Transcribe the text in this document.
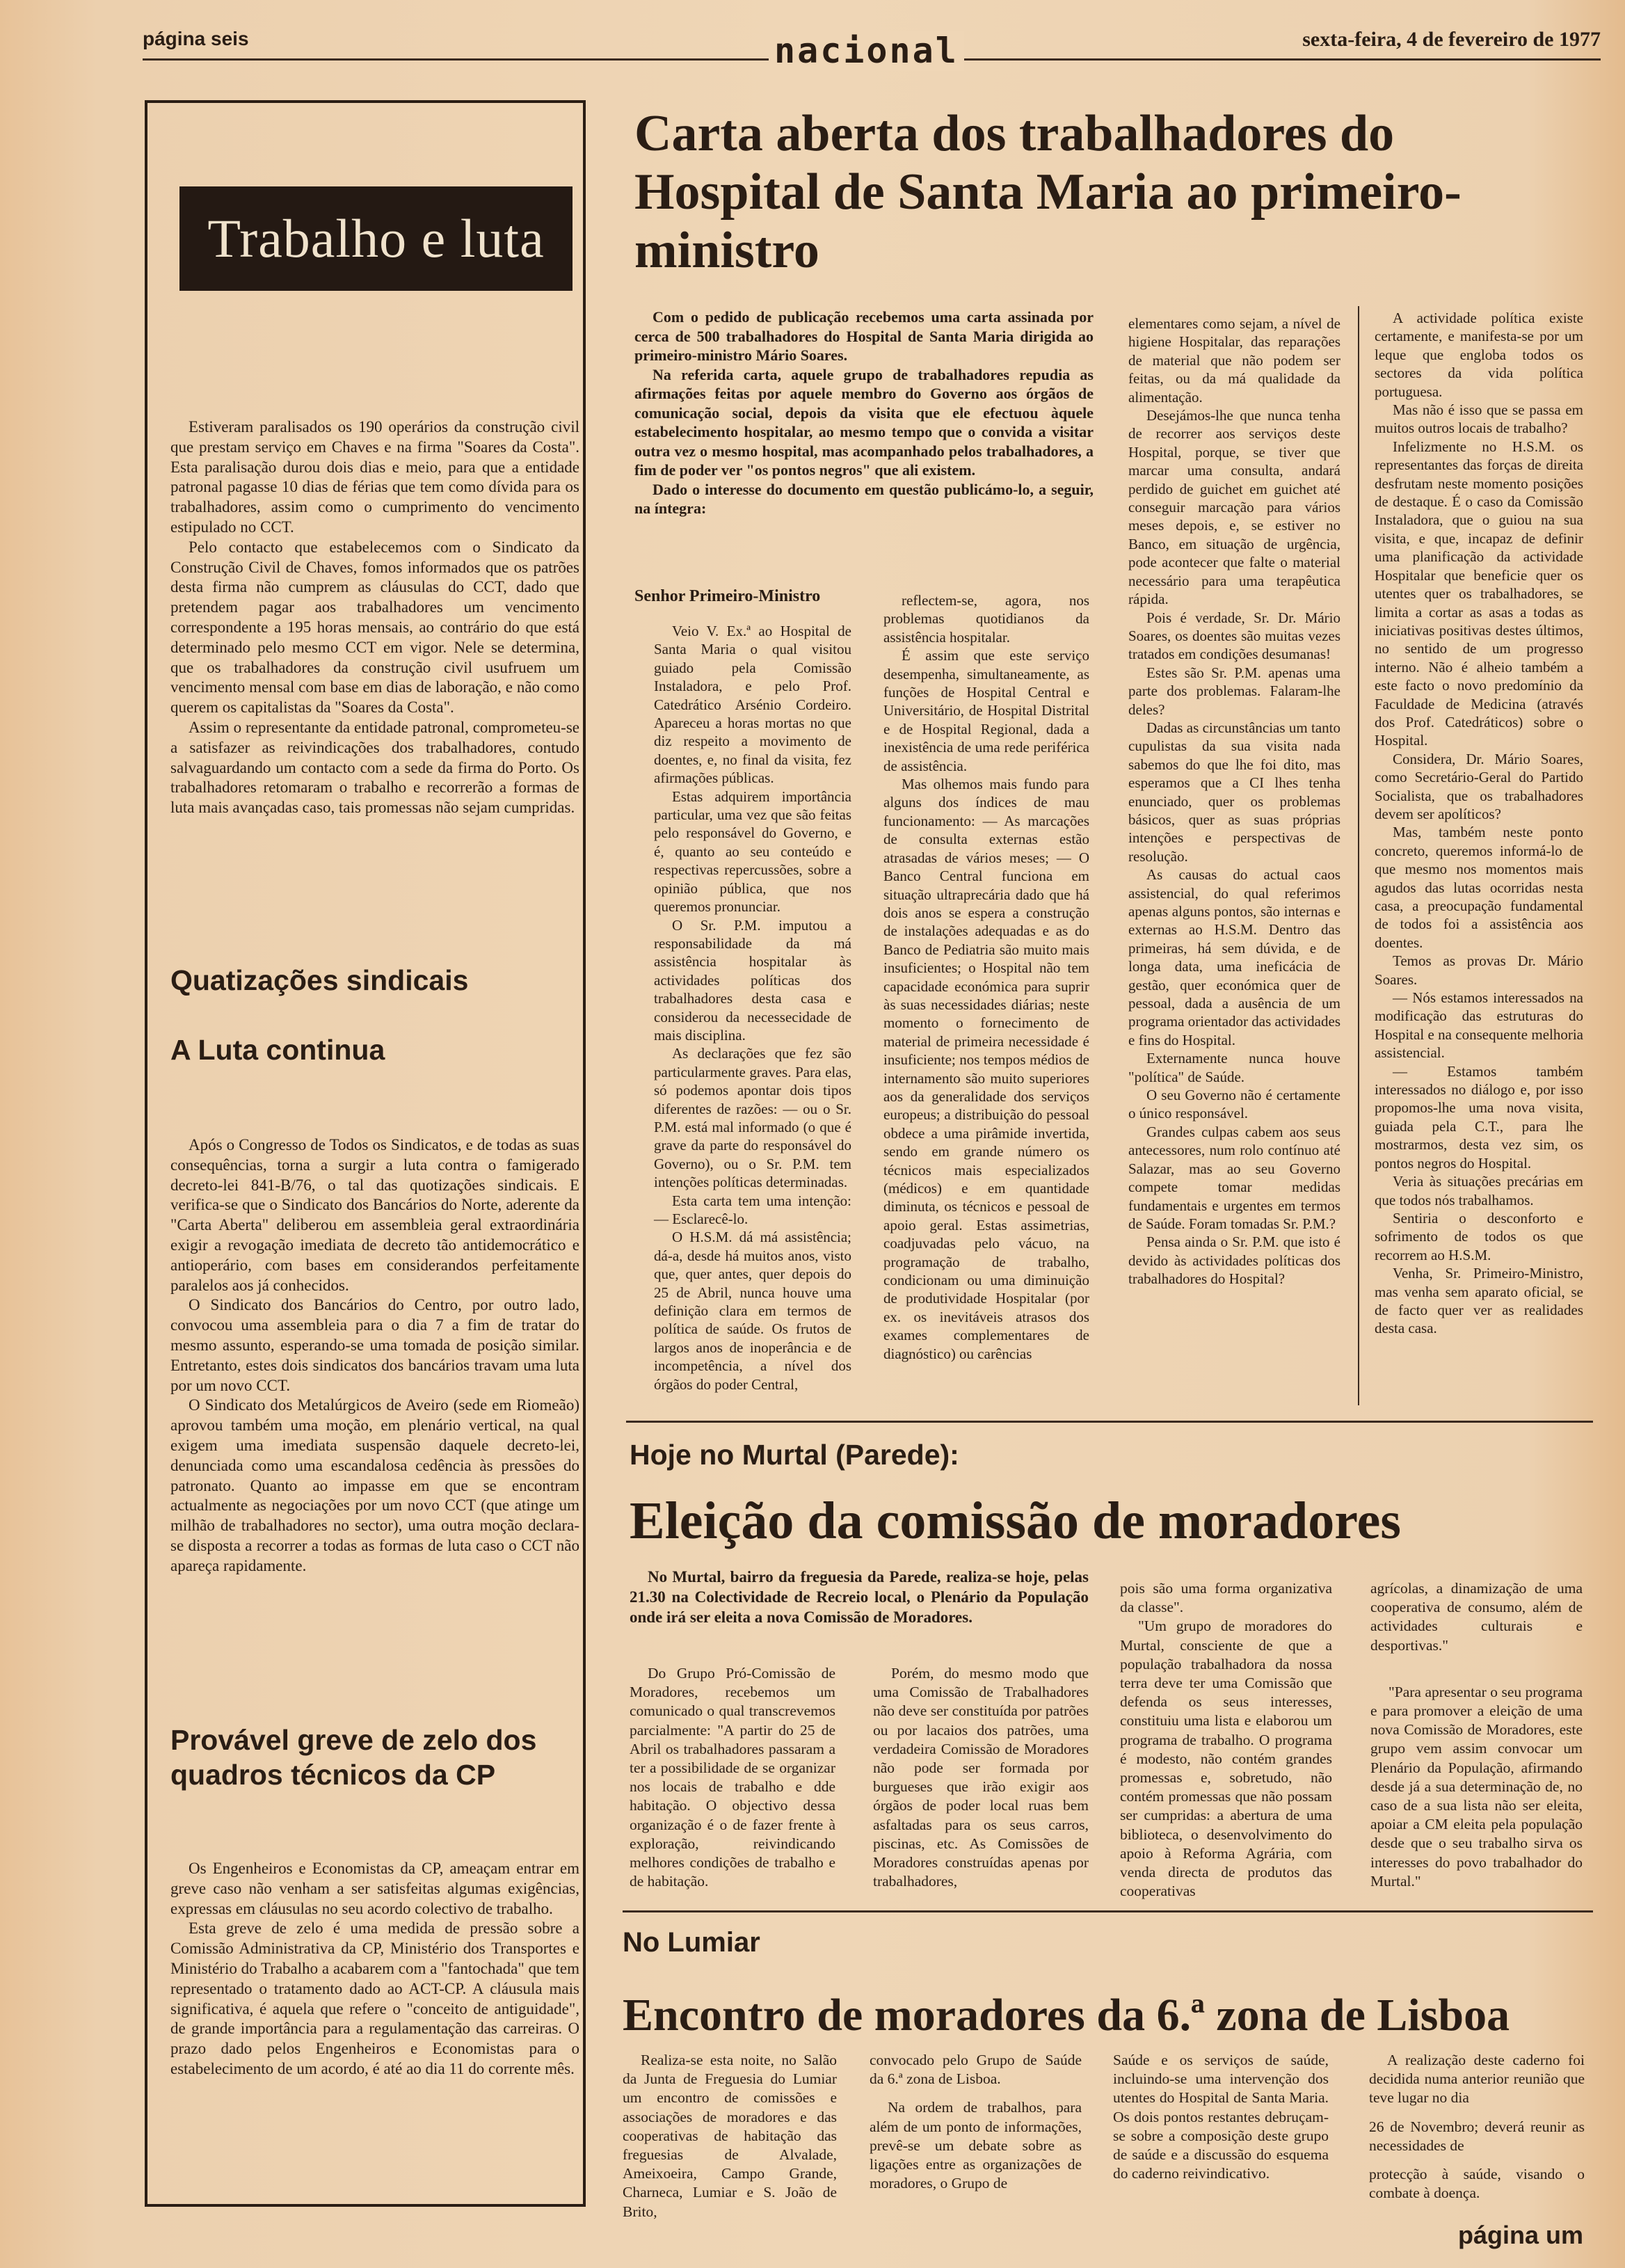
página seis	nacional	sexta-feira, 4 de fevereiro de 1977
Trabalho e luta

Estiveram paralisados os 190 operários da construção civil que prestam serviço em Chaves e na firma "Soares da Costa". Esta paralisação durou dois dias e meio, para que a entidade patronal pagasse 10 dias de férias que tem como dívida para os trabalhadores, assim como o cumprimento do vencimento estipulado no CCT.

Pelo contacto que estabelecemos com o Sindicato da Construção Civil de Chaves, fomos informados que os patrões desta firma não cumprem as cláusulas do CCT, dado que pretendem pagar aos trabalhadores um vencimento correspondente a 195 horas mensais, ao contrário do que está determinado pelo mesmo CCT em vigor. Nele se determina, que os trabalhadores da construção civil usufruem um vencimento mensal com base em dias de laboração, e não como querem os capitalistas da "Soares da Costa".

Assim o representante da entidade patronal, comprometeu-se a satisfazer as reivindicações dos trabalhadores, contudo salvaguardando um contacto com a sede da firma do Porto. Os trabalhadores retomaram o trabalho e recorrerão a formas de luta mais avançadas caso, tais promessas não sejam cumpridas.

Quatizações sindicais
A Luta continua

Após o Congresso de Todos os Sindicatos, e de todas as suas consequências, torna a surgir a luta contra o famigerado decreto-lei 841-B/76, o tal das quotizações sindicais. E verifica-se que o Sindicato dos Bancários do Norte, aderente da "Carta Aberta" deliberou em assembleia geral extraordinária exigir a revogação imediata de decreto tão antidemocrático e antioperário, com bases em considerandos perfeitamente paralelos aos já conhecidos.

O Sindicato dos Bancários do Centro, por outro lado, convocou uma assembleia para o dia 7 a fim de tratar do mesmo assunto, esperando-se uma tomada de posição similar. Entretanto, estes dois sindicatos dos bancários travam uma luta por um novo CCT.

O Sindicato dos Metalúrgicos de Aveiro (sede em Riomeão) aprovou também uma moção, em plenário vertical, na qual exigem uma imediata suspensão daquele decreto-lei, denunciada como uma escandalosa cedência às pressões do patronato. Quanto ao impasse em que se encontram actualmente as negociações por um novo CCT (que atinge um milhão de trabalhadores no sector), uma outra moção declara-se disposta a recorrer a todas as formas de luta caso o CCT não apareça rapidamente.

Provável greve de zelo dos quadros técnicos da CP

Os Engenheiros e Economistas da CP, ameaçam entrar em greve caso não venham a ser satisfeitas algumas exigências, expressas em cláusulas no seu acordo colectivo de trabalho.

Esta greve de zelo é uma medida de pressão sobre a Comissão Administrativa da CP, Ministério dos Transportes e Ministério do Trabalho a acabarem com a "fantochada" que tem representado o tratamento dado ao ACT-CP. A cláusula mais significativa, é aquela que refere o "conceito de antiguidade", de grande importância para a regulamentação das carreiras. O prazo dado pelos Engenheiros e Economistas para o estabelecimento de um acordo, é até ao dia 11 do corrente mês.

Carta aberta dos trabalhadores do Hospital de Santa Maria ao primeiro-ministro

Com o pedido de publicação recebemos uma carta assinada por cerca de 500 trabalhadores do Hospital de Santa Maria dirigida ao primeiro-ministro Mário Soares.

Na referida carta, aquele grupo de trabalhadores repudia as afirmações feitas por aquele membro do Governo aos órgãos de comunicação social, depois da visita que ele efectuou àquele estabelecimento hospitalar, ao mesmo tempo que o convida a visitar outra vez o mesmo hospital, mas acompanhado pelos trabalhadores, a fim de poder ver "os pontos negros" que ali existem.

Dado o interesse do documento em questão publicámo-lo, a seguir, na íntegra:

Senhor Primeiro-Ministro

Veio V. Ex.ª ao Hospital de Santa Maria o qual visitou guiado pela Comissão Instaladora, e pelo Prof. Catedrático Arsénio Cordeiro. Apareceu a horas mortas no que diz respeito a movimento de doentes, e, no final da visita, fez afirmações públicas.

Estas adquirem importância particular, uma vez que são feitas pelo responsável do Governo, e é, quanto ao seu conteúdo e respectivas repercussões, sobre a opinião pública, que nos queremos pronunciar.

O Sr. P.M. imputou a responsabilidade da má assistência hospitalar às actividades políticas dos trabalhadores desta casa e considerou da necessecidade de mais disciplina.

As declarações que fez são particularmente graves. Para elas, só podemos apontar dois tipos diferentes de razões: — ou o Sr. P.M. está mal informado (o que é grave da parte do responsável do Governo), ou o Sr. P.M. tem intenções políticas determinadas.

Esta carta tem uma intenção: — Esclarecê-lo.

O H.S.M. dá má assistência; dá-a, desde há muitos anos, visto que, quer antes, quer depois do 25 de Abril, nunca houve uma definição clara em termos de política de saúde. Os frutos de largos anos de inoperância e de incompetência, a nível dos órgãos do poder Central,

reflectem-se, agora, nos problemas quotidianos da assistência hospitalar.

É assim que este serviço desempenha, simultaneamente, as funções de Hospital Central e Universitário, de Hospital Distrital e de Hospital Regional, dada a inexistência de uma rede periférica de assistência.

Mas olhemos mais fundo para alguns dos índices de mau funcionamento: — As marcações de consulta externas estão atrasadas de vários meses; — O Banco Central funciona em situação ultraprecária dado que há dois anos se espera a construção de instalações adequadas e as do Banco de Pediatria são muito mais insuficientes; o Hospital não tem capacidade económica para suprir às suas necessidades diárias; neste momento o fornecimento de material de primeira necessidade é insuficiente; nos tempos médios de internamento são muito superiores aos da generalidade dos serviços europeus; a distribuição do pessoal obdece a uma pirâmide invertida, sendo em grande número os técnicos mais especializados (médicos) e em quantidade diminuta, os técnicos e pessoal de apoio geral. Estas assimetrias, coadjuvadas pelo vácuo, na programação de trabalho, condicionam ou uma diminuição de produtividade Hospitalar (por ex. os inevitáveis atrasos dos exames complementares de diagnóstico) ou carências

elementares como sejam, a nível de higiene Hospitalar, das reparações de material que não podem ser feitas, ou da má qualidade da alimentação.

Desejámos-lhe que nunca tenha de recorrer aos serviços deste Hospital, porque, se tiver que marcar uma consulta, andará perdido de guichet em guichet até conseguir marcação para vários meses depois, e, se estiver no Banco, em situação de urgência, pode acontecer que falte o material necessário para uma terapêutica rápida.

Pois é verdade, Sr. Dr. Mário Soares, os doentes são muitas vezes tratados em condições desumanas!

Estes são Sr. P.M. apenas uma parte dos problemas. Falaram-lhe deles?

Dadas as circunstâncias um tanto cupulistas da sua visita nada sabemos do que lhe foi dito, mas esperamos que a CI lhes tenha enunciado, quer os problemas básicos, quer as suas próprias intenções e perspectivas de resolução.

As causas do actual caos assistencial, do qual referimos apenas alguns pontos, são internas e externas ao H.S.M. Dentro das primeiras, há sem dúvida, e de longa data, uma ineficácia de gestão, quer económica quer de pessoal, dada a ausência de um programa orientador das actividades e fins do Hospital.

Externamente nunca houve "política" de Saúde.

O seu Governo não é certamente o único responsável.

Grandes culpas cabem aos seus antecessores, num rolo contínuo até Salazar, mas ao seu Governo compete tomar medidas fundamentais e urgentes em termos de Saúde. Foram tomadas Sr. P.M.?

Pensa ainda o Sr. P.M. que isto é devido às actividades políticas dos trabalhadores do Hospital?

A actividade política existe certamente, e manifesta-se por um leque que engloba todos os sectores da vida política portuguesa.

Mas não é isso que se passa em muitos outros locais de trabalho?

Infelizmente no H.S.M. os representantes das forças de direita desfrutam neste momento posições de destaque. É o caso da Comissão Instaladora, que o guiou na sua visita, e que, incapaz de definir uma planificação da actividade Hospitalar que beneficie quer os utentes quer os trabalhadores, se limita a cortar as asas a todas as iniciativas positivas destes últimos, no sentido de um progresso interno. Não é alheio também a este facto o novo predomínio da Faculdade de Medicina (através dos Prof. Catedráticos) sobre o Hospital.

Considera, Dr. Mário Soares, como Secretário-Geral do Partido Socialista, que os trabalhadores devem ser apolíticos?

Mas, também neste ponto concreto, queremos informá-lo de que mesmo nos momentos mais agudos das lutas ocorridas nesta casa, a preocupação fundamental de todos foi a assistência aos doentes.

Temos as provas Dr. Mário Soares.

— Nós estamos interessados na modificação das estruturas do Hospital e na consequente melhoria assistencial.

— Estamos também interessados no diálogo e, por isso propomos-lhe uma nova visita, guiada pela C.T., para lhe mostrarmos, desta vez sim, os pontos negros do Hospital.

Veria às situações precárias em que todos nós trabalhamos.

Sentiria o desconforto e sofrimento de todos os que recorrem ao H.S.M.

Venha, Sr. Primeiro-Ministro, mas venha sem aparato oficial, se de facto quer ver as realidades desta casa.

Hoje no Murtal (Parede):
Eleição da comissão de moradores

No Murtal, bairro da freguesia da Parede, realiza-se hoje, pelas 21.30 na Colectividade de Recreio local, o Plenário da População onde irá ser eleita a nova Comissão de Moradores.

Do Grupo Pró-Comissão de Moradores, recebemos um comunicado o qual transcrevemos parcialmente: "A partir do 25 de Abril os trabalhadores passaram a ter a possibilidade de se organizar nos locais de trabalho e dde habitação. O objectivo dessa organização é o de fazer frente à exploração, reivindicando melhores condições de trabalho e de habitação.

Porém, do mesmo modo que uma Comissão de Trabalhadores não deve ser constituída por patrões ou por lacaios dos patrões, uma verdadeira Comissão de Moradores não pode ser formada por burgueses que irão exigir aos órgãos de poder local ruas bem asfaltadas para os seus carros, piscinas, etc. As Comissões de Moradores construídas apenas por trabalhadores,

pois são uma forma organizativa da classe".

"Um grupo de moradores do Murtal, consciente de que a população trabalhadora da nossa terra deve ter uma Comissão que defenda os seus interesses, constituiu uma lista e elaborou um programa de trabalho. O programa é modesto, não contém grandes promessas e, sobretudo, não contém promessas que não possam ser cumpridas: a abertura de uma biblioteca, o desenvolvimento do apoio à Reforma Agrária, com venda directa de produtos das cooperativas

agrícolas, a dinamização de uma cooperativa de consumo, além de actividades culturais e desportivas."

"Para apresentar o seu programa e para promover a eleição de uma nova Comissão de Moradores, este grupo vem assim convocar um Plenário da População, afirmando desde já a sua determinação de, no caso de a sua lista não ser eleita, apoiar a CM eleita pela população desde que o seu trabalho sirva os interesses do povo trabalhador do Murtal."

No Lumiar
Encontro de moradores da 6.ª zona de Lisboa

Realiza-se esta noite, no Salão da Junta de Freguesia do Lumiar um encontro de comissões e associações de moradores e das cooperativas de habitação das freguesias de Alvalade, Ameixoeira, Campo Grande, Charneca, Lumiar e S. João de Brito,

convocado pelo Grupo de Saúde da 6.ª zona de Lisboa.

Na ordem de trabalhos, para além de um ponto de informações, prevê-se um debate sobre as ligações entre as organizações de moradores, o Grupo de

Saúde e os serviços de saúde, incluindo-se uma intervenção dos utentes do Hospital de Santa Maria. Os dois pontos restantes debruçam-se sobre a composição deste grupo de saúde e a discussão do esquema do caderno reivindicativo.

A realização deste caderno foi decidida numa anterior reunião que teve lugar no dia

26 de Novembro; deverá reunir as necessidades de

protecção à saúde, visando o combate à doença.

página um
